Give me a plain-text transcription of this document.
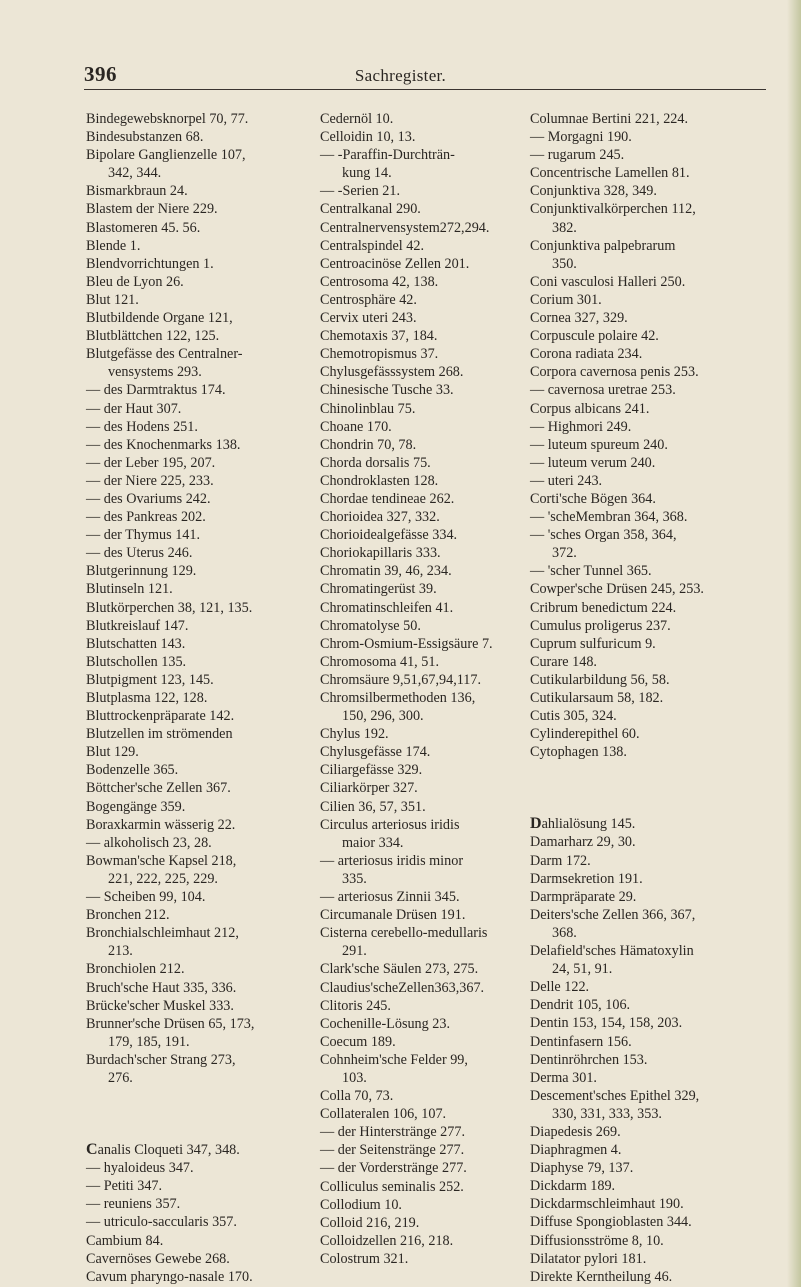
396	Sachregister.
Bindegewebsknorpel 70, 77.
Bindesubstanzen 68.
Bipolare Ganglienzelle 107,
342, 344.
Bismarkbraun 24.
Blastem der Niere 229.
Blastomeren 45. 56.
Blende 1.
Blendvorrichtungen 1.
Bleu de Lyon 26.
Blut 121.
Blutbildende Organe 121,
Blutblättchen 122, 125.
Blutgefässe des Centralner-
vensystems 293.
— des Darmtraktus 174.
— der Haut 307.
— des Hodens 251.
— des Knochenmarks 138.
— der Leber 195, 207.
— der Niere 225, 233.
— des Ovariums 242.
— des Pankreas 202.
— der Thymus 141.
— des Uterus 246.
Blutgerinnung 129.
Blutinseln 121.
Blutkörperchen 38, 121, 135.
Blutkreislauf 147.
Blutschatten 143.
Blutschollen 135.
Blutpigment 123, 145.
Blutplasma 122, 128.
Bluttrockenpräparate 142.
Blutzellen im strömenden
Blut 129.
Bodenzelle 365.
Böttcher'sche Zellen 367.
Bogengänge 359.
Boraxkarmin wässerig 22.
— alkoholisch 23, 28.
Bowman'sche Kapsel 218,
221, 222, 225, 229.
— Scheiben 99, 104.
Bronchen 212.
Bronchialschleimhaut 212,
213.
Bronchiolen 212.
Bruch'sche Haut 335, 336.
Brücke'scher Muskel 333.
Brunner'sche Drüsen 65, 173,
179, 185, 191.
Burdach'scher Strang 273,
276.
Canalis Cloqueti 347, 348.
— hyaloideus 347.
— Petiti 347.
— reuniens 357.
— utriculo-saccularis 357.
Cambium 84.
Cavernöses Gewebe 268.
Cavum pharyngo-nasale 170.
Cedernöl 10.
Celloidin 10, 13.
— -Paraffin-Durchträn-
kung 14.
— -Serien 21.
Centralkanal 290.
Centralnervensystem272,294.
Centralspindel 42.
Centroacinöse Zellen 201.
Centrosoma 42, 138.
Centrosphäre 42.
Cervix uteri 243.
Chemotaxis 37, 184.
Chemotropismus 37.
Chylusgefässsystem 268.
Chinesische Tusche 33.
Chinolinblau 75.
Choane 170.
Chondrin 70, 78.
Chorda dorsalis 75.
Chondroklasten 128.
Chordae tendineae 262.
Chorioidea 327, 332.
Chorioidealgefässe 334.
Choriokapillaris 333.
Chromatin 39, 46, 234.
Chromatingerüst 39.
Chromatinschleifen 41.
Chromatolyse 50.
Chrom-Osmium-Essigsäure 7.
Chromosoma 41, 51.
Chromsäure 9,51,67,94,117.
Chromsilbermethoden 136,
150, 296, 300.
Chylus 192.
Chylusgefässe 174.
Ciliargefässe 329.
Ciliarkörper 327.
Cilien 36, 57, 351.
Circulus arteriosus iridis
maior 334.
— arteriosus iridis minor
335.
— arteriosus Zinnii 345.
Circumanale Drüsen 191.
Cisterna cerebello-medullaris
291.
Clark'sche Säulen 273, 275.
Claudius'scheZellen363,367.
Clitoris 245.
Cochenille-Lösung 23.
Coecum 189.
Cohnheim'sche Felder 99,
103.
Colla 70, 73.
Collateralen 106, 107.
— der Hinterstränge 277.
— der Seitenstränge 277.
— der Vorderstränge 277.
Colliculus seminalis 252.
Collodium 10.
Colloid 216, 219.
Colloidzellen 216, 218.
Colostrum 321.
Columnae Bertini 221, 224.
— Morgagni 190.
— rugarum 245.
Concentrische Lamellen 81.
Conjunktiva 328, 349.
Conjunktivalkörperchen 112,
382.
Conjunktiva palpebrarum
350.
Coni vasculosi Halleri 250.
Corium 301.
Cornea 327, 329.
Corpuscule polaire 42.
Corona radiata 234.
Corpora cavernosa penis 253.
— cavernosa uretrae 253.
Corpus albicans 241.
— Highmori 249.
— luteum spureum 240.
— luteum verum 240.
— uteri 243.
Corti'sche Bögen 364.
— 'scheMembran 364, 368.
— 'sches Organ 358, 364,
372.
— 'scher Tunnel 365.
Cowper'sche Drüsen 245, 253.
Cribrum benedictum 224.
Cumulus proligerus 237.
Cuprum sulfuricum 9.
Curare 148.
Cutikularbildung 56, 58.
Cutikularsaum 58, 182.
Cutis 305, 324.
Cylinderepithel 60.
Cytophagen 138.
Dahlialösung 145.
Damarharz 29, 30.
Darm 172.
Darmsekretion 191.
Darmpräparate 29.
Deiters'sche Zellen 366, 367,
368.
Delafield'sches Hämatoxylin
24, 51, 91.
Delle 122.
Dendrit 105, 106.
Dentin 153, 154, 158, 203.
Dentinfasern 156.
Dentinröhrchen 153.
Derma 301.
Descement'sches Epithel 329,
330, 331, 333, 353.
Diapedesis 269.
Diaphragmen 4.
Diaphyse 79, 137.
Dickdarm 189.
Dickdarmschleimhaut 190.
Diffuse Spongioblasten 344.
Diffusionsströme 8, 10.
Dilatator pylori 181.
Direkte Kerntheilung 46.
